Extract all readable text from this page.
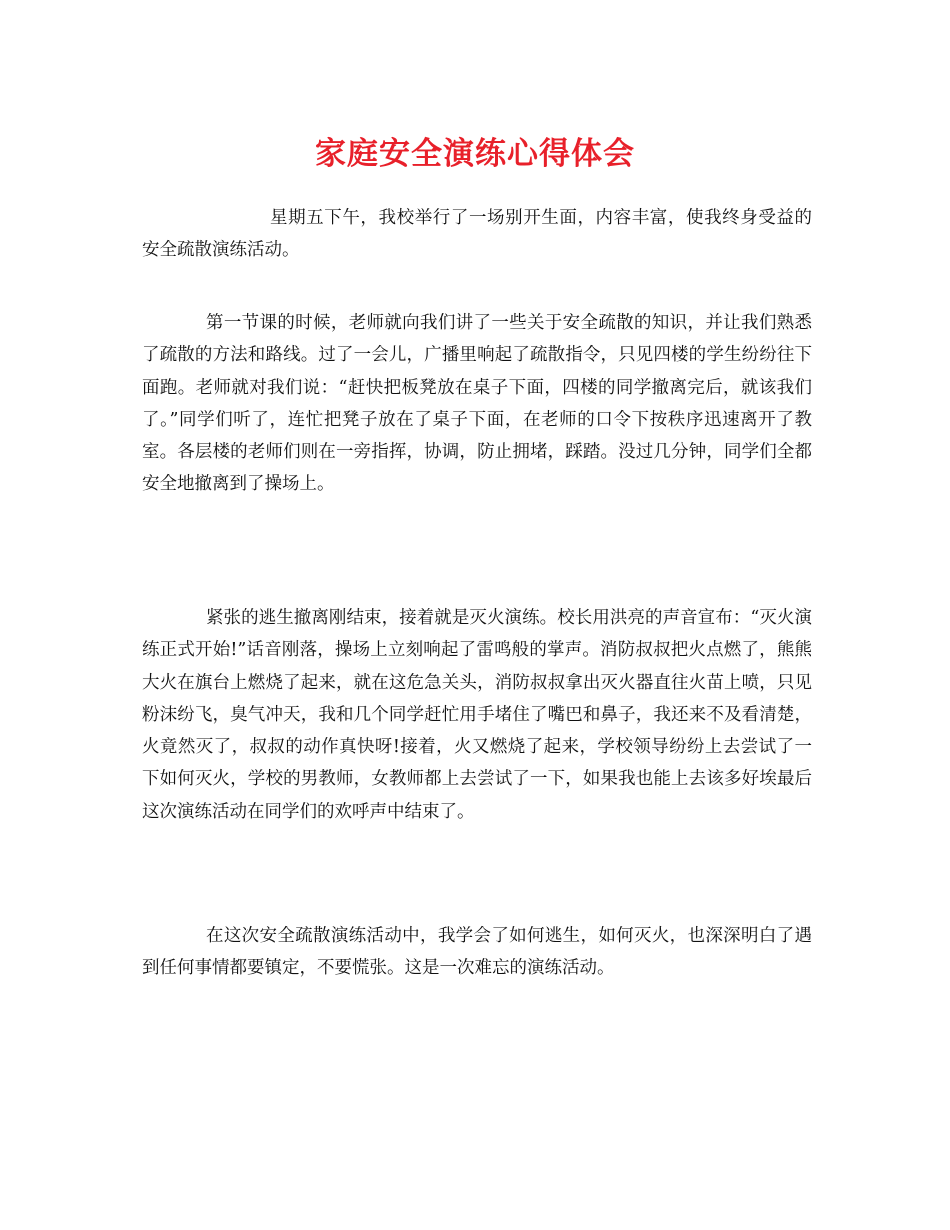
家庭安全演练心得体会

星期五下午，我校举行了一场别开生面，内容丰富，使我终身受益的安全疏散演练活动。

第一节课的时候，老师就向我们讲了一些关于安全疏散的知识，并让我们熟悉了疏散的方法和路线。过了一会儿，广播里响起了疏散指令，只见四楼的学生纷纷往下面跑。老师就对我们说：“赶快把板凳放在桌子下面，四楼的同学撤离完后，就该我们了。”同学们听了，连忙把凳子放在了桌子下面，在老师的口令下按秩序迅速离开了教室。各层楼的老师们则在一旁指挥，协调，防止拥堵，踩踏。没过几分钟，同学们全都安全地撤离到了操场上。

紧张的逃生撤离刚结束，接着就是灭火演练。校长用洪亮的声音宣布：“灭火演练正式开始!”话音刚落，操场上立刻响起了雷鸣般的掌声。消防叔叔把火点燃了，熊熊大火在旗台上燃烧了起来，就在这危急关头，消防叔叔拿出灭火器直往火苗上喷，只见粉沫纷飞，臭气冲天，我和几个同学赶忙用手堵住了嘴巴和鼻子，我还来不及看清楚，火竟然灭了，叔叔的动作真快呀!接着，火又燃烧了起来，学校领导纷纷上去尝试了一下如何灭火，学校的男教师，女教师都上去尝试了一下，如果我也能上去该多好埃最后这次演练活动在同学们的欢呼声中结束了。

在这次安全疏散演练活动中，我学会了如何逃生，如何灭火，也深深明白了遇到任何事情都要镇定，不要慌张。这是一次难忘的演练活动。
